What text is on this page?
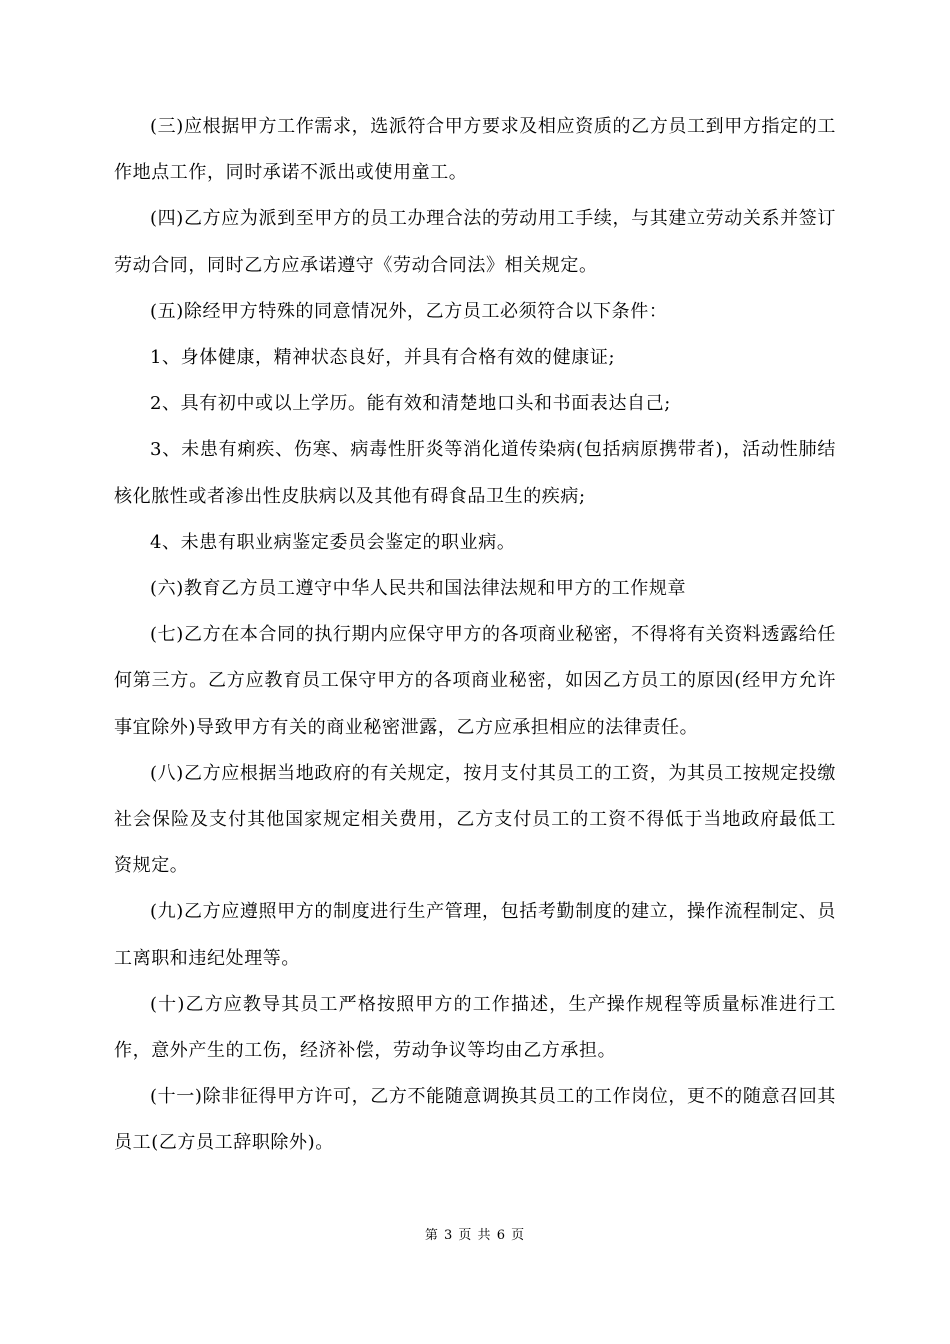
(三)应根据甲方工作需求，选派符合甲方要求及相应资质的乙方员工到甲方指定的工作地点工作，同时承诺不派出或使用童工。

(四)乙方应为派到至甲方的员工办理合法的劳动用工手续，与其建立劳动关系并签订劳动合同，同时乙方应承诺遵守《劳动合同法》相关规定。

(五)除经甲方特殊的同意情况外，乙方员工必须符合以下条件：

1、身体健康，精神状态良好，并具有合格有效的健康证;

2、具有初中或以上学历。能有效和清楚地口头和书面表达自己;

3、未患有痢疾、伤寒、病毒性肝炎等消化道传染病(包括病原携带者)，活动性肺结核化脓性或者渗出性皮肤病以及其他有碍食品卫生的疾病;

4、未患有职业病鉴定委员会鉴定的职业病。

(六)教育乙方员工遵守中华人民共和国法律法规和甲方的工作规章

(七)乙方在本合同的执行期内应保守甲方的各项商业秘密，不得将有关资料透露给任何第三方。乙方应教育员工保守甲方的各项商业秘密，如因乙方员工的原因(经甲方允许事宜除外)导致甲方有关的商业秘密泄露，乙方应承担相应的法律责任。

(八)乙方应根据当地政府的有关规定，按月支付其员工的工资，为其员工按规定投缴社会保险及支付其他国家规定相关费用，乙方支付员工的工资不得低于当地政府最低工资规定。

(九)乙方应遵照甲方的制度进行生产管理，包括考勤制度的建立，操作流程制定、员工离职和违纪处理等。

(十)乙方应教导其员工严格按照甲方的工作描述，生产操作规程等质量标准进行工作，意外产生的工伤，经济补偿，劳动争议等均由乙方承担。

(十一)除非征得甲方许可，乙方不能随意调换其员工的工作岗位，更不的随意召回其员工(乙方员工辞职除外)。

第 3 页 共 6 页
